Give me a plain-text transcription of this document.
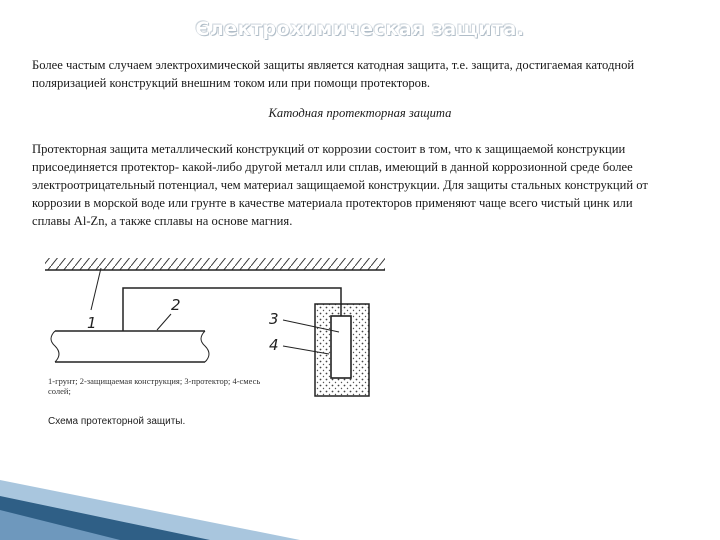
Єлектрохимическая защита.

Более частым случаем электрохимической защиты является катодная защита, т.е. защита, достигаемая катодной поляризацией конструкций внешним током или при помощи протекторов.

Катодная протекторная защита

Протекторная защита металлический конструкций от коррозии состоит в том, что к защищаемой конструкции присоединяется протектор- какой-либо другой металл или сплав, имеющий в данной коррозионной среде более электроотрицательный потенциал, чем материал защищаемой конструкции. Для защиты стальных конструкций от коррозии в морской воде или грунте в качестве материала протекторов применяют чаще всего чистый цинк или сплавы Al-Zn, а также сплавы на основе магния.

1
2
3
4
1-грунт; 2-защищаемая конструкция; 3-протектор; 4-смесь солей;
Схема протекторной защиты.
